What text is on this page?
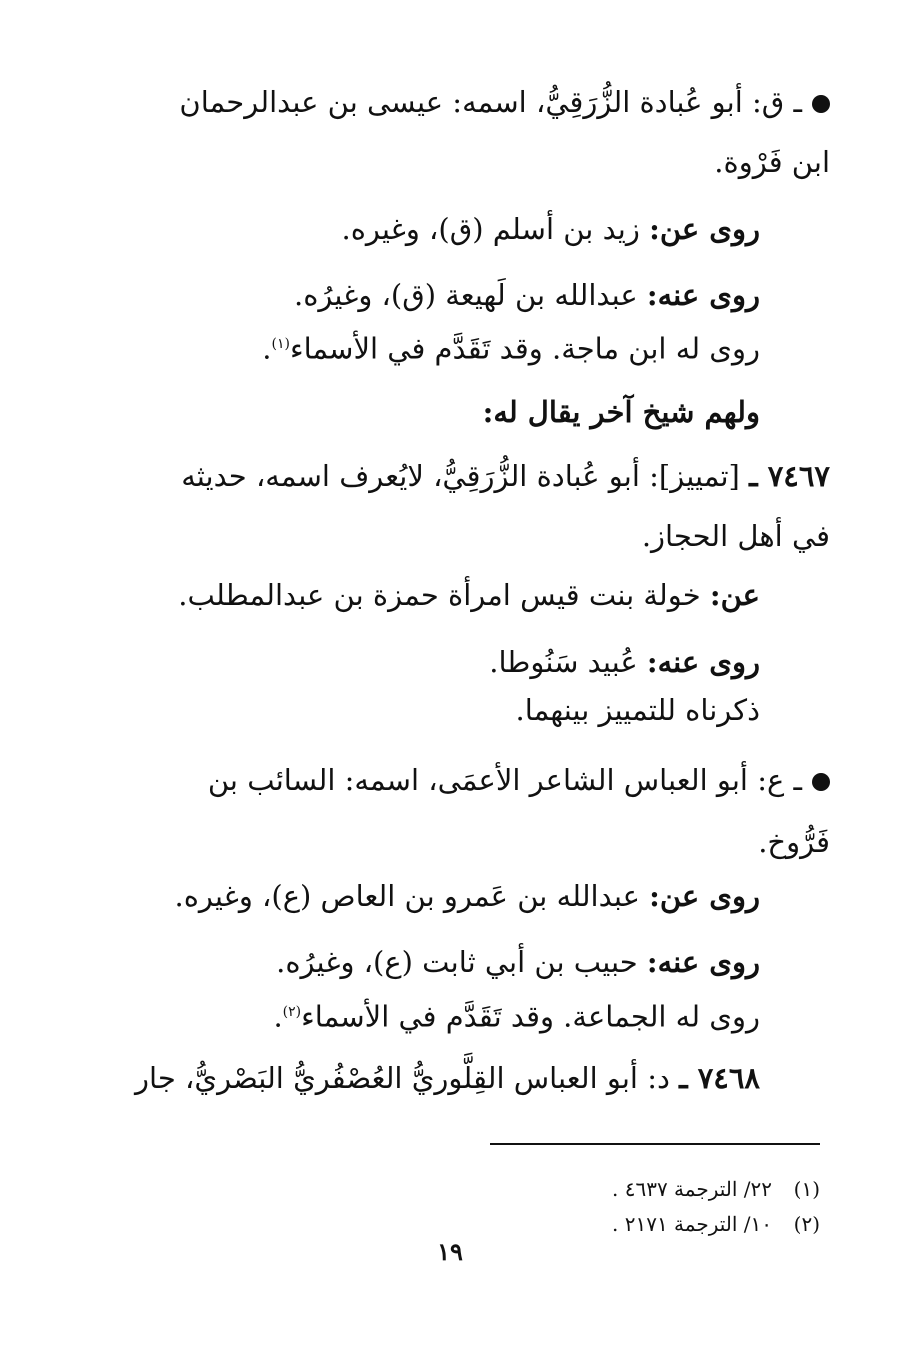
ـ ق: أبو عُبادة الزُّرَقِيُّ، اسمه: عيسى بن عبدالرحمان
ابن فَرْوة.
روى عن: زيد بن أسلم (ق)، وغيره.
روى عنه: عبدالله بن لَهيعة (ق)، وغيرُه.
روى له ابن ماجة. وقد تَقَدَّم في الأسماء$^{(١)}$.
ولهم شيخ آخر يقال له:
٧٤٦٧ ـ [تمييز]: أبو عُبادة الزُّرَقِيُّ، لايُعرف اسمه، حديثه
في أهل الحجاز.
عن: خولة بنت قيس امرأة حمزة بن عبدالمطلب.
روى عنه: عُبيد سَنُوطا.
ذكرناه للتمييز بينهما.
ـ ع: أبو العباس الشاعر الأعمَى، اسمه: السائب بن
فَرُّوخ.
روى عن: عبدالله بن عَمرو بن العاص (ع)، وغيره.
روى عنه: حبيب بن أبي ثابت (ع)، وغيرُه.
روى له الجماعة. وقد تَقَدَّم في الأسماء$^{(٢)}$.
٧٤٦٨ ـ د: أبو العباس القِلَّوريُّ العُصْفُريُّ البَصْريُّ، جار
(١)٢٢/ الترجمة ٤٦٣٧ .
(٢)١٠/ الترجمة ٢١٧١ .
١٩
